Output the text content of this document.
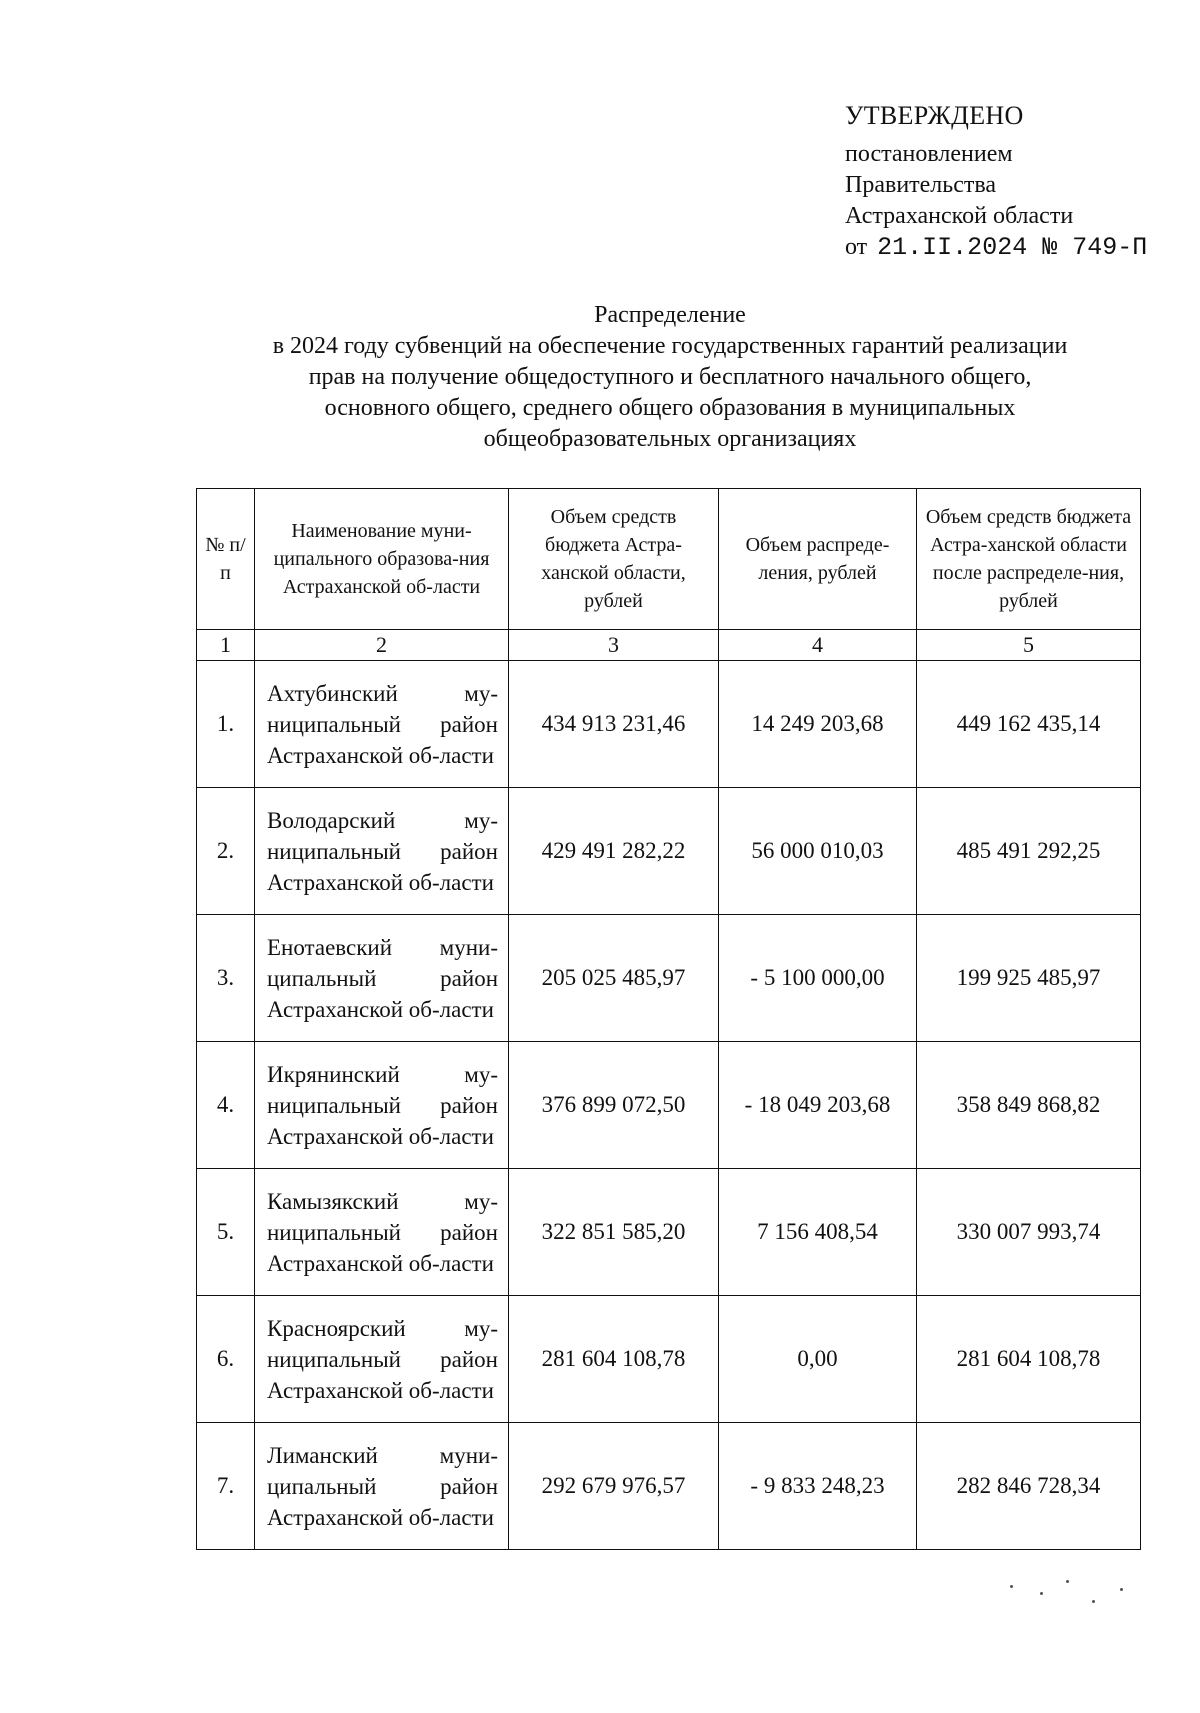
УТВЕРЖДЕНО
постановлением
Правительства
Астраханской области
от 21.II.2024 № 749-П
Распределение
в 2024 году субвенций на обеспечение государственных гарантий реализации
прав на получение общедоступного и бесплатного начального общего,
основного общего, среднего общего образования в муниципальных
общеобразовательных организациях
№ п/п	Наименование муни-ципального образова-ния Астраханской об-ласти	Объем средств бюджета Астра-ханской области, рублей	Объем распреде-ления, рублей	Объем средств бюджета Астра-ханской области после распределе-ния, рублей

1	2	3	4	5
1.	Ахтубинский му-ниципальный район Астраханской об-ласти	434 913 231,46	14 249 203,68	449 162 435,14
2.	Володарский му-ниципальный район Астраханской об-ласти	429 491 282,22	56 000 010,03	485 491 292,25
3.	Енотаевский муни-ципальный район Астраханской об-ласти	205 025 485,97	- 5 100 000,00	199 925 485,97
4.	Икрянинский му-ниципальный район Астраханской об-ласти	376 899 072,50	- 18 049 203,68	358 849 868,82
5.	Камызякский му-ниципальный район Астраханской об-ласти	322 851 585,20	7 156 408,54	330 007 993,74
6.	Красноярский му-ниципальный район Астраханской об-ласти	281 604 108,78	0,00	281 604 108,78
7.	Лиманский муни-ципальный район Астраханской об-ласти	292 679 976,57	- 9 833 248,23	282 846 728,34
